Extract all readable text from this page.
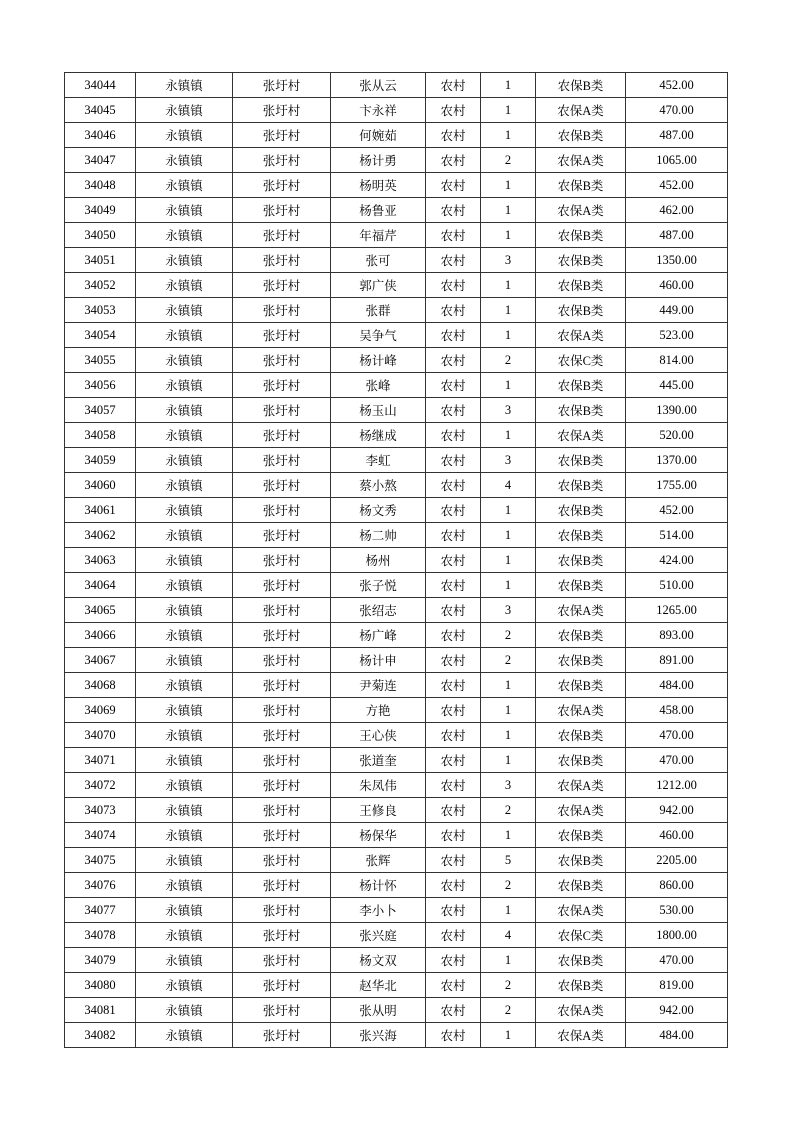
34044	永镇镇	张圩村	张从云	农村	1	农保B类	452.00
34045	永镇镇	张圩村	卞永祥	农村	1	农保A类	470.00
34046	永镇镇	张圩村	何婉茹	农村	1	农保B类	487.00
34047	永镇镇	张圩村	杨计勇	农村	2	农保A类	1065.00
34048	永镇镇	张圩村	杨明英	农村	1	农保B类	452.00
34049	永镇镇	张圩村	杨鲁亚	农村	1	农保A类	462.00
34050	永镇镇	张圩村	年福芹	农村	1	农保B类	487.00
34051	永镇镇	张圩村	张可	农村	3	农保B类	1350.00
34052	永镇镇	张圩村	郭广侠	农村	1	农保B类	460.00
34053	永镇镇	张圩村	张群	农村	1	农保B类	449.00
34054	永镇镇	张圩村	吴争气	农村	1	农保A类	523.00
34055	永镇镇	张圩村	杨计峰	农村	2	农保C类	814.00
34056	永镇镇	张圩村	张峰	农村	1	农保B类	445.00
34057	永镇镇	张圩村	杨玉山	农村	3	农保B类	1390.00
34058	永镇镇	张圩村	杨继成	农村	1	农保A类	520.00
34059	永镇镇	张圩村	李虹	农村	3	农保B类	1370.00
34060	永镇镇	张圩村	蔡小熬	农村	4	农保B类	1755.00
34061	永镇镇	张圩村	杨文秀	农村	1	农保B类	452.00
34062	永镇镇	张圩村	杨二帅	农村	1	农保B类	514.00
34063	永镇镇	张圩村	杨州	农村	1	农保B类	424.00
34064	永镇镇	张圩村	张子悦	农村	1	农保B类	510.00
34065	永镇镇	张圩村	张绍志	农村	3	农保A类	1265.00
34066	永镇镇	张圩村	杨广峰	农村	2	农保B类	893.00
34067	永镇镇	张圩村	杨计申	农村	2	农保B类	891.00
34068	永镇镇	张圩村	尹菊连	农村	1	农保B类	484.00
34069	永镇镇	张圩村	方艳	农村	1	农保A类	458.00
34070	永镇镇	张圩村	王心侠	农村	1	农保B类	470.00
34071	永镇镇	张圩村	张道奎	农村	1	农保B类	470.00
34072	永镇镇	张圩村	朱凤伟	农村	3	农保A类	1212.00
34073	永镇镇	张圩村	王修良	农村	2	农保A类	942.00
34074	永镇镇	张圩村	杨保华	农村	1	农保B类	460.00
34075	永镇镇	张圩村	张辉	农村	5	农保B类	2205.00
34076	永镇镇	张圩村	杨计怀	农村	2	农保B类	860.00
34077	永镇镇	张圩村	李小卜	农村	1	农保A类	530.00
34078	永镇镇	张圩村	张兴庭	农村	4	农保C类	1800.00
34079	永镇镇	张圩村	杨文双	农村	1	农保B类	470.00
34080	永镇镇	张圩村	赵华北	农村	2	农保B类	819.00
34081	永镇镇	张圩村	张从明	农村	2	农保A类	942.00
34082	永镇镇	张圩村	张兴海	农村	1	农保A类	484.00
